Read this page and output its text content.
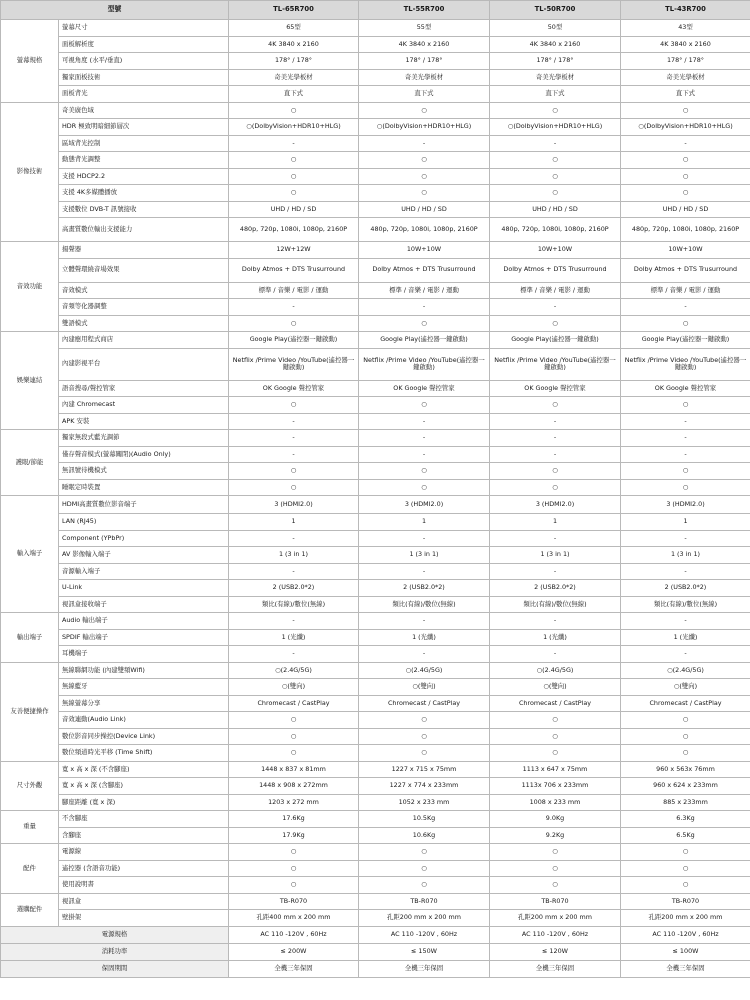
型號		TL-65R700	TL-55R700	TL-50R700	TL-43R700
螢幕規格	螢幕尺寸	65型	55型	50型	43型
	面板解析度	4K 3840 x 2160	4K 3840 x 2160	4K 3840 x 2160	4K 3840 x 2160
	可視角度 (水平/垂直)	178° / 178°	178° / 178°	178° / 178°	178° / 178°
	獨家面板技術	奇美光學板材	奇美光學板材	奇美光學板材	奇美光學板材
	面板背光	直下式	直下式	直下式	直下式
影像技術	奇美廣色域	○	○	○	○
	HDR 極致明暗細節層次	○(DolbyVision+HDR10+HLG)	○(DolbyVision+HDR10+HLG)	○(DolbyVision+HDR10+HLG)	○(DolbyVision+HDR10+HLG)
	區域背光控制	-	-	-	-
	動態背光調整	○	○	○	○
	支援 HDCP2.2	○	○	○	○
	支援 4K多媒體播放	○	○	○	○
	支援數位 DVB-T 訊號接收	UHD / HD / SD	UHD / HD / SD	UHD / HD / SD	UHD / HD / SD
	高畫質數位輸出支援能力	480p, 720p, 1080i, 1080p, 2160P	480p, 720p, 1080i, 1080p, 2160P	480p, 720p, 1080i, 1080p, 2160P	480p, 720p, 1080i, 1080p, 2160P
音效功能	揚聲器	12W+12W	10W+10W	10W+10W	10W+10W
	立體聲環繞音場效果	Dolby Atmos + DTS Trusurround	Dolby Atmos + DTS Trusurround	Dolby Atmos + DTS Trusurround	Dolby Atmos + DTS Trusurround
	音效模式	標準 / 音樂 / 電影 / 運動	標準 / 音樂 / 電影 / 運動	標準 / 音樂 / 電影 / 運動	標準 / 音樂 / 電影 / 運動
	音頻等化器調整	-	-	-	-
	雙語模式	○	○	○	○
娛樂連結	內建應用程式商店	Google Play(遙控器一鍵啟動)	Google Play(遙控器一鍵啟動)	Google Play(遙控器一鍵啟動)	Google Play(遙控器一鍵啟動)
	內建影視平台	Netflix /Prime Video /YouTube(遙控器一鍵啟動)	Netflix /Prime Video /YouTube(遙控器一鍵啟動)	Netflix /Prime Video /YouTube(遙控器一鍵啟動)	Netflix /Prime Video /YouTube(遙控器一鍵啟動)
	語音搜尋/聲控管家	OK Google 聲控管家	OK Google 聲控管家	OK Google 聲控管家	OK Google 聲控管家
	內建 Chromecast	○	○	○	○
	APK 安裝	-	-	-	-
護眼/節能	獨家無段式藍光調節	-	-	-	-
	僅存聲音模式(螢幕關閉)(Audio Only)	-	-	-	-
	無訊號待機模式	○	○	○	○
	睡眠定時裝置	○	○	○	○
輸入端子	HDMI高畫質數位影音端子	3 (HDMI2.0)	3 (HDMI2.0)	3 (HDMI2.0)	3 (HDMI2.0)
	LAN (RJ45)	1	1	1	1
	Component (YPbPr)	-	-	-	-
	AV 影像輸入端子	1 (3 in 1)	1 (3 in 1)	1 (3 in 1)	1 (3 in 1)
	音源輸入端子	-	-	-	-
	U-Link	2 (USB2.0*2)	2 (USB2.0*2)	2 (USB2.0*2)	2 (USB2.0*2)
	視訊盒接收端子	類比(有線)/數位(無線)	類比(有線)/數位(無線)	類比(有線)/數位(無線)	類比(有線)/數位(無線)
輸出端子	Audio 輸出端子	-	-	-	-
	SPDIF 輸出端子	1 (光纖)	1 (光纖)	1 (光纖)	1 (光纖)
	耳機端子	-	-	-	-
友善便捷操作	無線聯網功能 (內建雙頻Wifi)	○(2.4G/5G)	○(2.4G/5G)	○(2.4G/5G)	○(2.4G/5G)
	無線藍牙	○(雙向)	○(雙向)	○(雙向)	○(雙向)
	無線螢幕分享	Chromecast / CastPlay	Chromecast / CastPlay	Chromecast / CastPlay	Chromecast / CastPlay
	音效連動(Audio Link)	○	○	○	○
	數位影音同步操控(Device Link)	○	○	○	○
	數位頻道時光平移 (Time Shift)	○	○	○	○
尺寸外觀	寬 x 高 x 深 (不含腳座)	1448 x 837 x 81mm	1227 x 715 x 75mm	1113 x 647 x 75mm	960 x 563x 76mm
	寬 x 高 x 深 (含腳座)	1448 x 908 x 272mm	1227 x 774 x 233mm	1113x 706 x 233mm	960 x 624 x 233mm
	腳座距離 (寬 x 深)	1203 x 272 mm	1052 x 233 mm	1008 x 233 mm	885 x 233mm
重量	不含腳座	17.6Kg	10.5Kg	9.0Kg	6.3Kg
	含腳座	17.9Kg	10.6Kg	9.2Kg	6.5Kg
配件	電源線	○	○	○	○
	遙控器 (含語音功能)	○	○	○	○
	使用說明書	○	○	○	○
選購配件	視訊盒	TB-R070	TB-R070	TB-R070	TB-R070
	壁掛架	孔距400 mm x 200 mm	孔距200 mm x 200 mm	孔距200 mm x 200 mm	孔距200 mm x 200 mm
電源規格		AC 110 -120V , 60Hz	AC 110 -120V , 60Hz	AC 110 -120V , 60Hz	AC 110 -120V , 60Hz
消耗功率		≤ 200W	≤ 150W	≤ 120W	≤ 100W
保固期間		全機三年保固	全機三年保固	全機三年保固	全機三年保固
